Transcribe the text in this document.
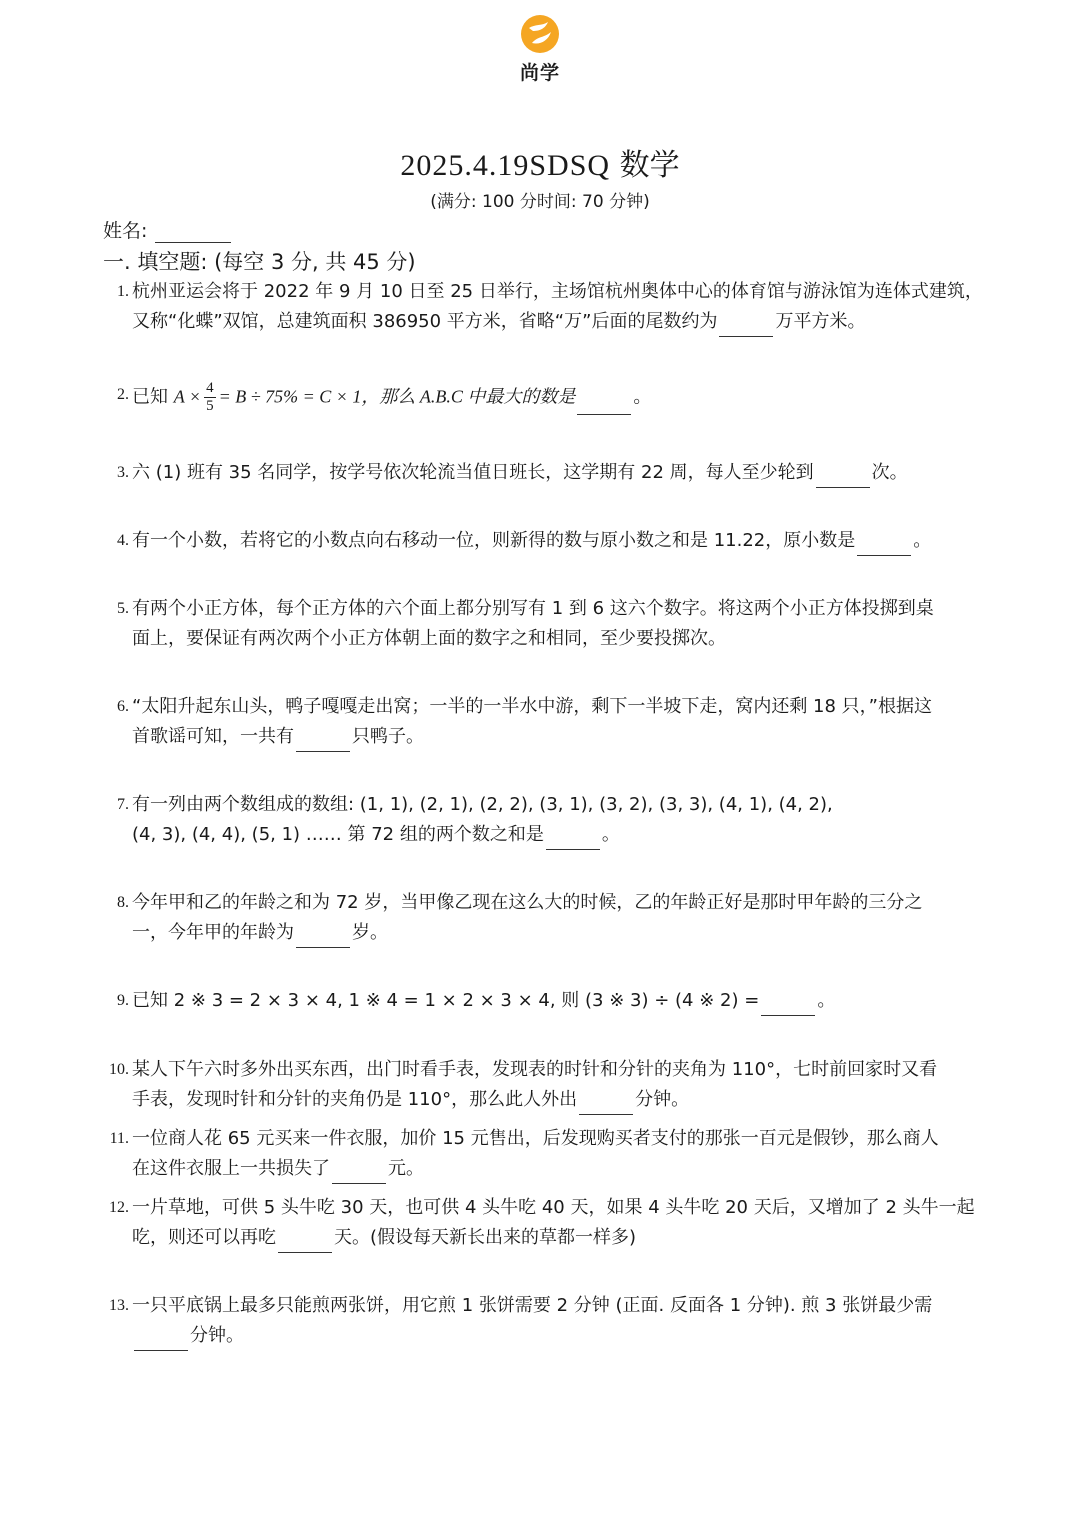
尚学
2025.4.19SDSQ 数学
(满分: 100 分时间: 70 分钟)
姓名:
一. 填空题: (每空 3 分, 共 45 分)
1. 杭州亚运会将于 2022 年 9 月 10 日至 25 日举行，主场馆杭州奥体中心的体育馆与游泳馆为连体式建筑，
又称“化蝶”双馆，总建筑面积 386950 平方米，省略“万”后面的尾数约为	万平方米。
2. 已知 $A \times \frac{4}{5} = B \div 75\% = C \times 1$，那么 A.B.C 中最大的数是	。
3. 六 (1) 班有 35 名同学，按学号依次轮流当值日班长，这学期有 22 周，每人至少轮到	次。
4. 有一个小数，若将它的小数点向右移动一位，则新得的数与原小数之和是 11.22，原小数是	。
5. 有两个小正方体，每个正方体的六个面上都分别写有 1 到 6 这六个数字。将这两个小正方体投掷到桌
面上，要保证有两次两个小正方体朝上面的数字之和相同，至少要投掷次。
6. “太阳升起东山头，鸭子嘎嘎走出窝；一半的一半水中游，剩下一半坡下走，窝内还剩 18 只，”根据这
首歌谣可知，一共有	只鸭子。
7. 有一列由两个数组成的数组: (1, 1), (2, 1), (2, 2), (3, 1), (3, 2), (3, 3), (4, 1), (4, 2),
(4, 3), (4, 4), (5, 1) …… 第 72 组的两个数之和是	。
8. 今年甲和乙的年龄之和为 72 岁，当甲像乙现在这么大的时候，乙的年龄正好是那时甲年龄的三分之
一，今年甲的年龄为	岁。
9. 已知 2 ※ 3 = 2 × 3 × 4, 1 ※ 4 = 1 × 2 × 3 × 4, 则 (3 ※ 3) ÷ (4 ※ 2) =	。
10. 某人下午六时多外出买东西，出门时看手表，发现表的时针和分针的夹角为 110°，七时前回家时又看
手表，发现时针和分针的夹角仍是 110°，那么此人外出	分钟。
11. 一位商人花 65 元买来一件衣服，加价 15 元售出，后发现购买者支付的那张一百元是假钞，那么商人
在这件衣服上一共损失了	元。
12. 一片草地，可供 5 头牛吃 30 天，也可供 4 头牛吃 40 天，如果 4 头牛吃 20 天后，又增加了 2 头牛一起
吃，则还可以再吃	天。(假设每天新长出来的草都一样多)
13. 一只平底锅上最多只能煎两张饼，用它煎 1 张饼需要 2 分钟 (正面. 反面各 1 分钟). 煎 3 张饼最少需
分钟。
